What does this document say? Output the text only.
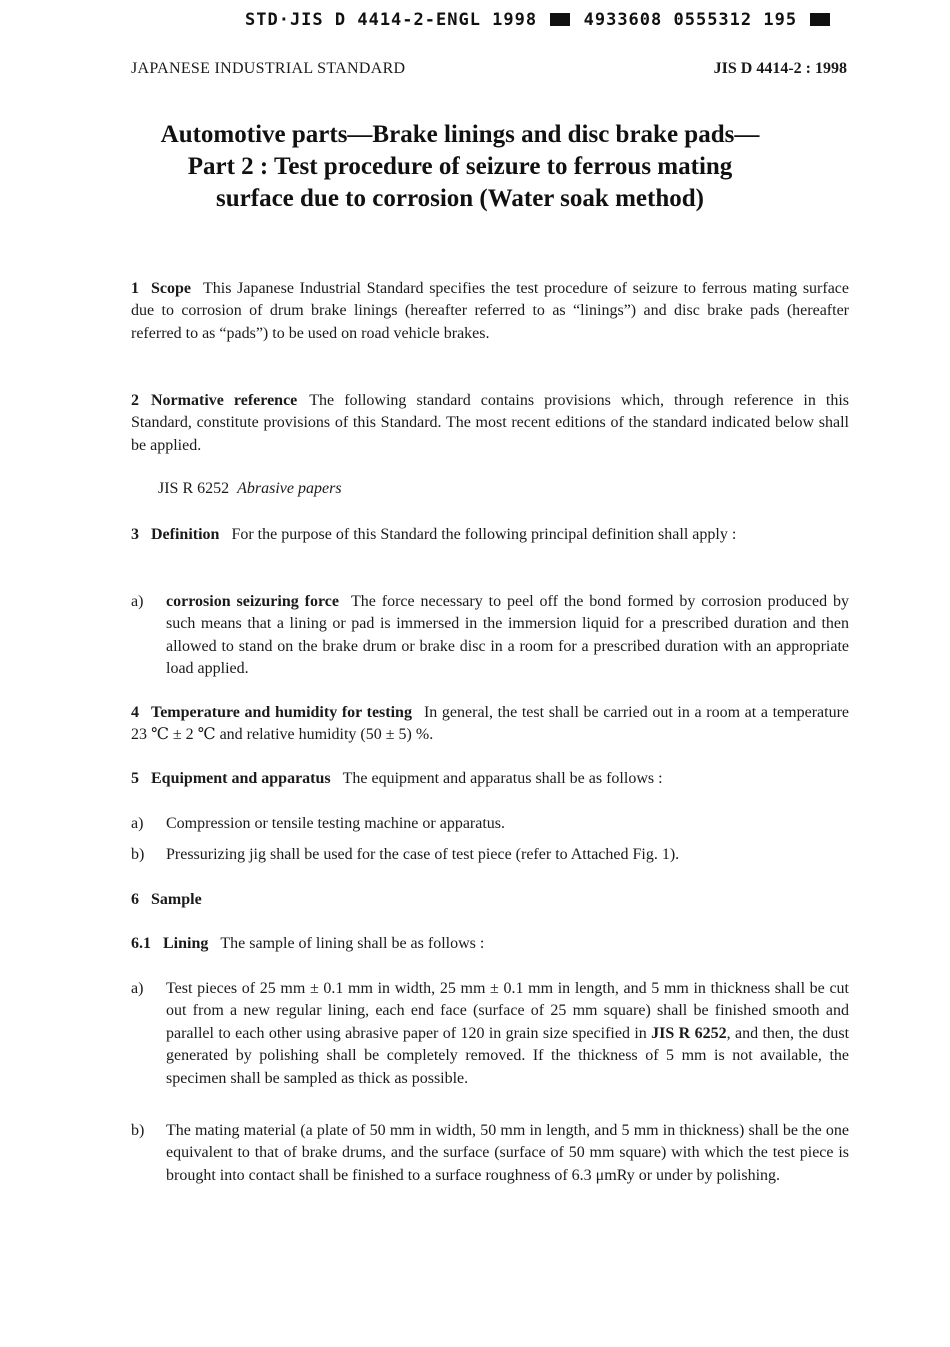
STD·JIS D 4414-2-ENGL 1998	4933608 0555312 195
JAPANESE INDUSTRIAL STANDARD	JIS D 4414-2 : 1998
Automotive parts—Brake linings and disc brake pads—
Part 2 : Test procedure of seizure to ferrous mating
surface due to corrosion (Water soak method)
1 Scope This Japanese Industrial Standard specifies the test procedure of seizure to ferrous mating surface due to corrosion of drum brake linings (hereafter referred to as “linings”) and disc brake pads (hereafter referred to as “pads”) to be used on road vehicle brakes.
2 Normative reference The following standard contains provisions which, through reference in this Standard, constitute provisions of this Standard. The most recent editions of the standard indicated below shall be applied.
JIS R 6252 Abrasive papers
3 Definition For the purpose of this Standard the following principal definition shall apply :
a) corrosion seizuring force The force necessary to peel off the bond formed by corrosion produced by such means that a lining or pad is immersed in the immersion liquid for a prescribed duration and then allowed to stand on the brake drum or brake disc in a room for a prescribed duration with an appropriate load applied.
4 Temperature and humidity for testing In general, the test shall be carried out in a room at a temperature 23 ℃ ± 2 ℃ and relative humidity (50 ± 5) %.
5 Equipment and apparatus The equipment and apparatus shall be as follows :
a) Compression or tensile testing machine or apparatus.
b) Pressurizing jig shall be used for the case of test piece (refer to Attached Fig. 1).
6 Sample
6.1 Lining The sample of lining shall be as follows :
a) Test pieces of 25 mm ± 0.1 mm in width, 25 mm ± 0.1 mm in length, and 5 mm in thickness shall be cut out from a new regular lining, each end face (surface of 25 mm square) shall be finished smooth and parallel to each other using abrasive paper of 120 in grain size specified in JIS R 6252, and then, the dust generated by polishing shall be completely removed. If the thickness of 5 mm is not available, the specimen shall be sampled as thick as possible.
b) The mating material (a plate of 50 mm in width, 50 mm in length, and 5 mm in thickness) shall be the one equivalent to that of brake drums, and the surface (surface of 50 mm square) with which the test piece is brought into contact shall be finished to a surface roughness of 6.3 μmRy or under by polishing.
